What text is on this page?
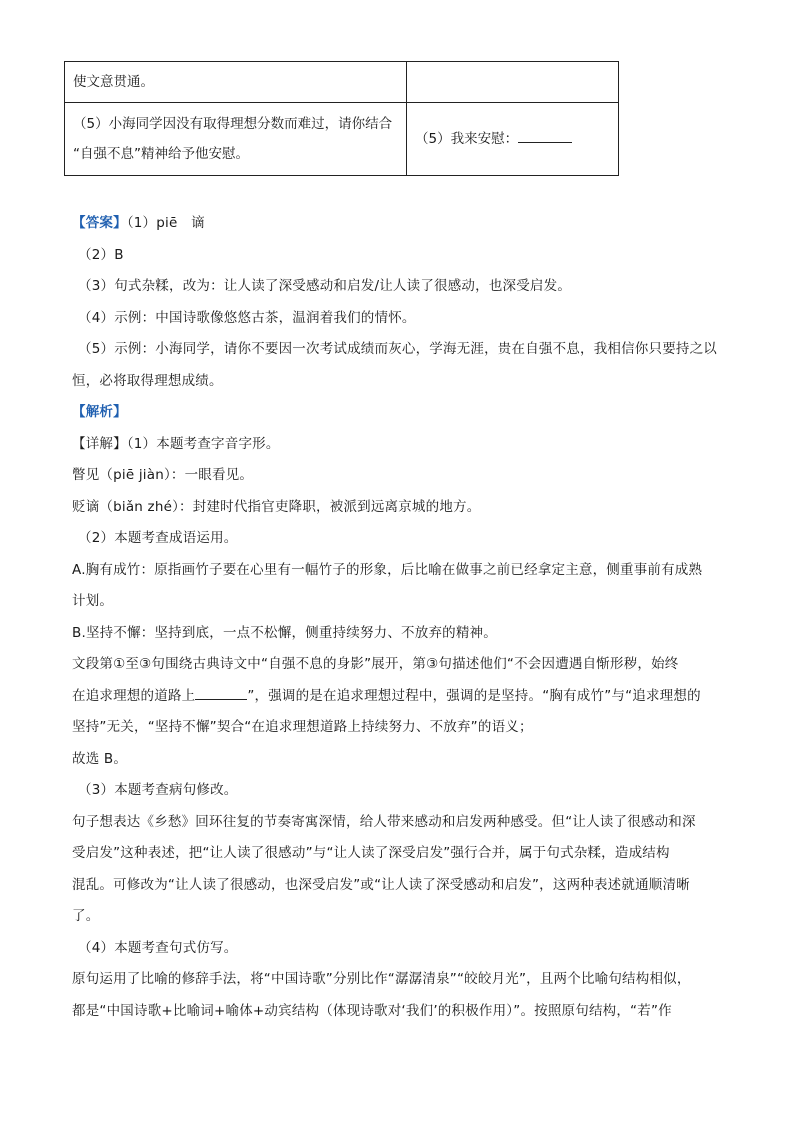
使文意贯通。	

（5）小海同学因没有取得理想分数而难过，请你结合
“自强不息”精神给予他安慰。	（5）我来安慰：
【答案】（1）piē　谪
（2）B
（3）句式杂糅，改为：让人读了深受感动和启发/让人读了很感动，也深受启发。
（4）示例：中国诗歌像悠悠古茶，温润着我们的情怀。
（5）示例：小海同学，请你不要因一次考试成绩而灰心，学海无涯，贵在自强不息，我相信你只要持之以
恒，必将取得理想成绩。
【解析】
【详解】（1）本题考查字音字形。
瞥见（piē jiàn）：一眼看见。
贬谪（biǎn zhé）：封建时代指官吏降职，被派到远离京城的地方。
（2）本题考查成语运用。
A.胸有成竹：原指画竹子要在心里有一幅竹子的形象，后比喻在做事之前已经拿定主意，侧重事前有成熟
计划。
B.坚持不懈：坚持到底，一点不松懈，侧重持续努力、不放弃的精神。
文段第①至③句围绕古典诗文中“自强不息的身影”展开，第③句描述他们“不会因遭遇自惭形秽，始终
在追求理想的道路上	”，强调的是在追求理想过程中，强调的是坚持。“胸有成竹”与“追求理想的
坚持”无关，“坚持不懈”契合“在追求理想道路上持续努力、不放弃”的语义；
故选 B。
（3）本题考查病句修改。
句子想表达《乡愁》回环往复的节奏寄寓深情，给人带来感动和启发两种感受。但“让人读了很感动和深
受启发”这种表述，把“让人读了很感动”与“让人读了深受启发”强行合并，属于句式杂糅，造成结构
混乱。可修改为“让人读了很感动，也深受启发”或“让人读了深受感动和启发”，这两种表述就通顺清晰
了。
（4）本题考查句式仿写。
原句运用了比喻的修辞手法，将“中国诗歌”分别比作“潺潺清泉”“皎皎月光”，且两个比喻句结构相似，
都是“中国诗歌+比喻词+喻体+动宾结构（体现诗歌对‘我们’的积极作用）”。按照原句结构，“若”作
